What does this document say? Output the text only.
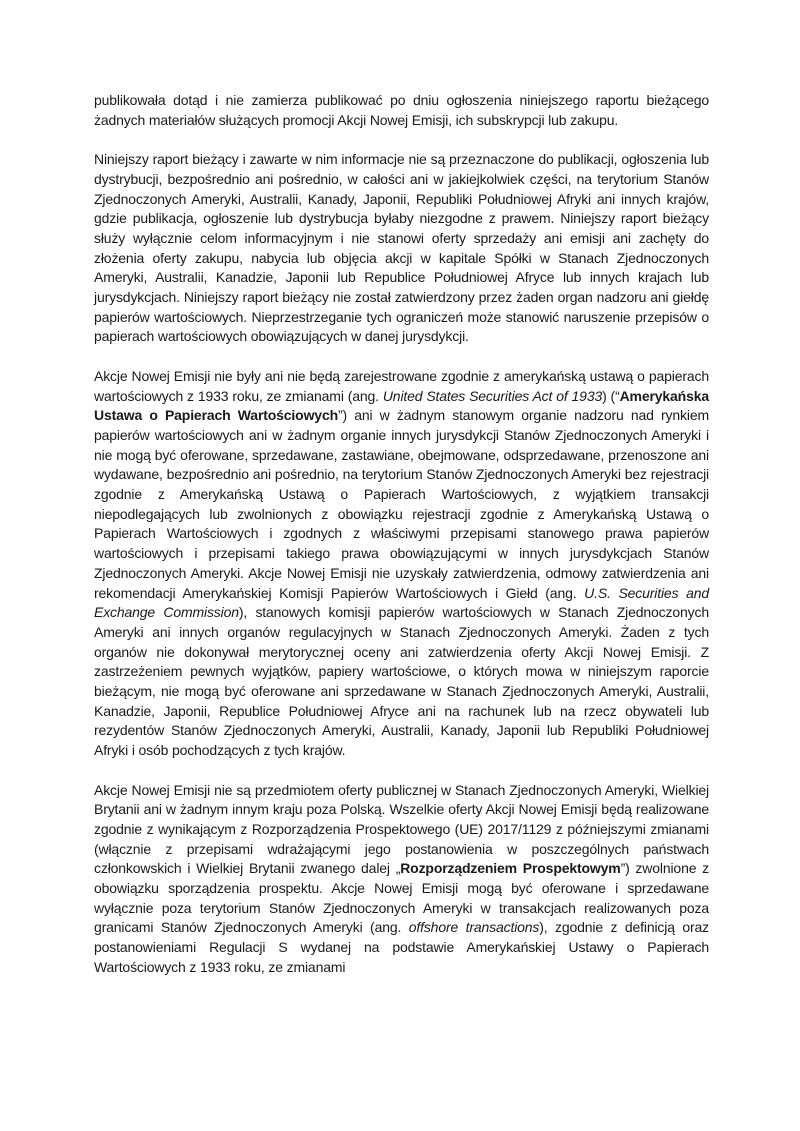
publikowała dotąd i nie zamierza publikować po dniu ogłoszenia niniejszego raportu bieżącego żadnych materiałów służących promocji Akcji Nowej Emisji, ich subskrypcji lub zakupu.

Niniejszy raport bieżący i zawarte w nim informacje nie są przeznaczone do publikacji, ogłoszenia lub dystrybucji, bezpośrednio ani pośrednio, w całości ani w jakiejkolwiek części, na terytorium Stanów Zjednoczonych Ameryki, Australii, Kanady, Japonii, Republiki Południowej Afryki ani innych krajów, gdzie publikacja, ogłoszenie lub dystrybucja byłaby niezgodne z prawem. Niniejszy raport bieżący służy wyłącznie celom informacyjnym i nie stanowi oferty sprzedaży ani emisji ani zachęty do złożenia oferty zakupu, nabycia lub objęcia akcji w kapitale Spółki w Stanach Zjednoczonych Ameryki, Australii, Kanadzie, Japonii lub Republice Południowej Afryce lub innych krajach lub jurysdykcjach. Niniejszy raport bieżący nie został zatwierdzony przez żaden organ nadzoru ani giełdę papierów wartościowych. Nieprzestrzeganie tych ograniczeń może stanowić naruszenie przepisów o papierach wartościowych obowiązujących w danej jurysdykcji.

Akcje Nowej Emisji nie były ani nie będą zarejestrowane zgodnie z amerykańską ustawą o papierach wartościowych z 1933 roku, ze zmianami (ang. United States Securities Act of 1933) (“Amerykańska Ustawa o Papierach Wartościowych”) ani w żadnym stanowym organie nadzoru nad rynkiem papierów wartościowych ani w żadnym organie innych jurysdykcji Stanów Zjednoczonych Ameryki i nie mogą być oferowane, sprzedawane, zastawiane, obejmowane, odsprzedawane, przenoszone ani wydawane, bezpośrednio ani pośrednio, na terytorium Stanów Zjednoczonych Ameryki bez rejestracji zgodnie z Amerykańską Ustawą o Papierach Wartościowych, z wyjątkiem transakcji niepodlegających lub zwolnionych z obowiązku rejestracji zgodnie z Amerykańską Ustawą o Papierach Wartościowych i zgodnych z właściwymi przepisami stanowego prawa papierów wartościowych i przepisami takiego prawa obowiązującymi w innych jurysdykcjach Stanów Zjednoczonych Ameryki. Akcje Nowej Emisji nie uzyskały zatwierdzenia, odmowy zatwierdzenia ani rekomendacji Amerykańskiej Komisji Papierów Wartościowych i Giełd (ang. U.S. Securities and Exchange Commission), stanowych komisji papierów wartościowych w Stanach Zjednoczonych Ameryki ani innych organów regulacyjnych w Stanach Zjednoczonych Ameryki. Żaden z tych organów nie dokonywał merytorycznej oceny ani zatwierdzenia oferty Akcji Nowej Emisji. Z zastrzeżeniem pewnych wyjątków, papiery wartościowe, o których mowa w niniejszym raporcie bieżącym, nie mogą być oferowane ani sprzedawane w Stanach Zjednoczonych Ameryki, Australii, Kanadzie, Japonii, Republice Południowej Afryce ani na rachunek lub na rzecz obywateli lub rezydentów Stanów Zjednoczonych Ameryki, Australii, Kanady, Japonii lub Republiki Południowej Afryki i osób pochodzących z tych krajów.

Akcje Nowej Emisji nie są przedmiotem oferty publicznej w Stanach Zjednoczonych Ameryki, Wielkiej Brytanii ani w żadnym innym kraju poza Polską. Wszelkie oferty Akcji Nowej Emisji będą realizowane zgodnie z wynikającym z Rozporządzenia Prospektowego (UE) 2017/1129 z późniejszymi zmianami (włącznie z przepisami wdrażającymi jego postanowienia w poszczególnych państwach członkowskich i Wielkiej Brytanii zwanego dalej „Rozporządzeniem Prospektowym”) zwolnione z obowiązku sporządzenia prospektu. Akcje Nowej Emisji mogą być oferowane i sprzedawane wyłącznie poza terytorium Stanów Zjednoczonych Ameryki w transakcjach realizowanych poza granicami Stanów Zjednoczonych Ameryki (ang. offshore transactions), zgodnie z definicją oraz postanowieniami Regulacji S wydanej na podstawie Amerykańskiej Ustawy o Papierach Wartościowych z 1933 roku, ze zmianami
